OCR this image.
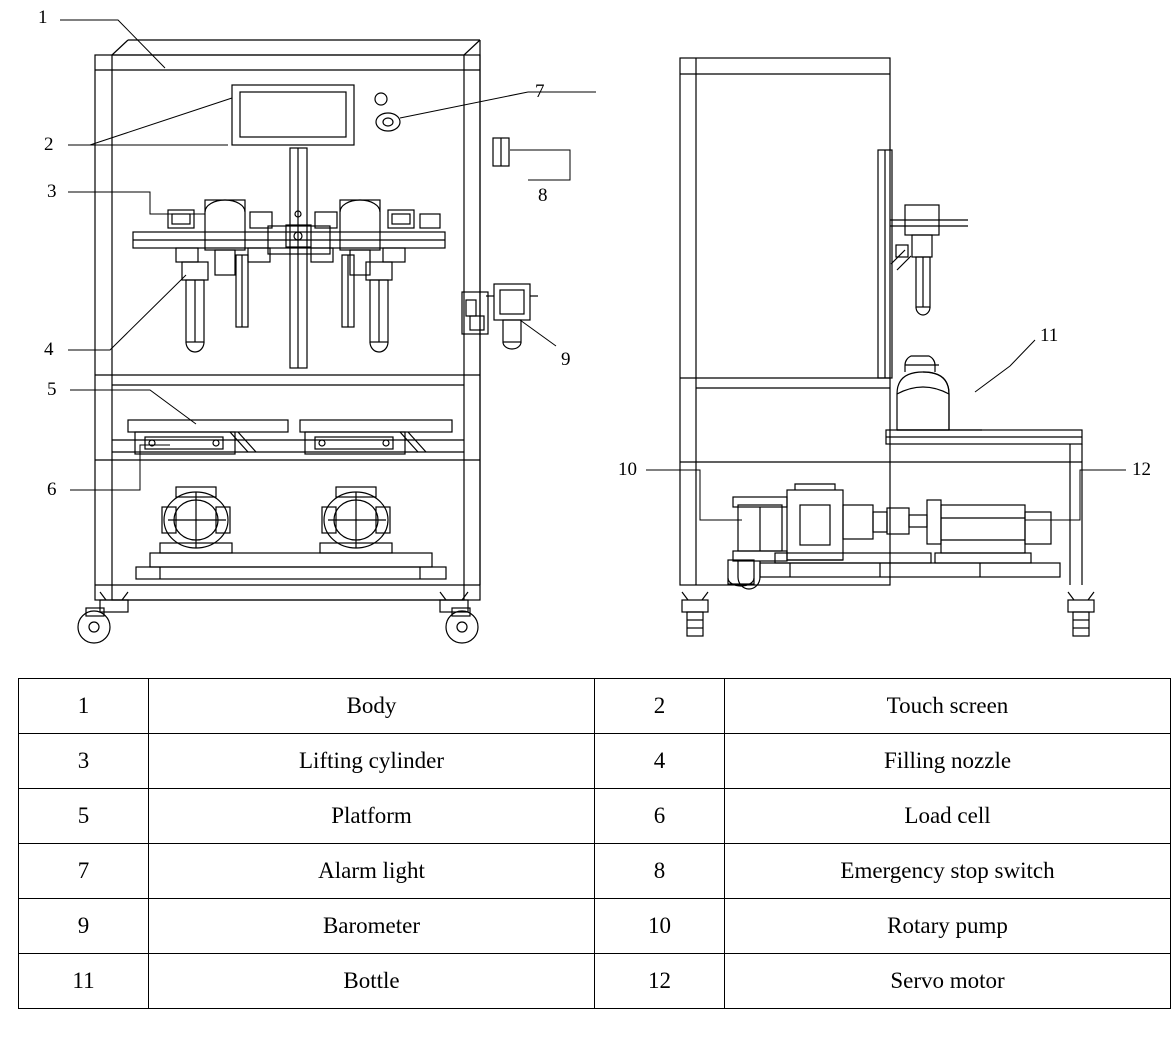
1
2
3
4
5
6
7
8
9
10
11
12
1	Body	2	Touch screen
3	Lifting cylinder	4	Filling nozzle
5	Platform	6	Load cell
7	Alarm light	8	Emergency stop switch
9	Barometer	10	Rotary pump
11	Bottle	12	Servo motor
